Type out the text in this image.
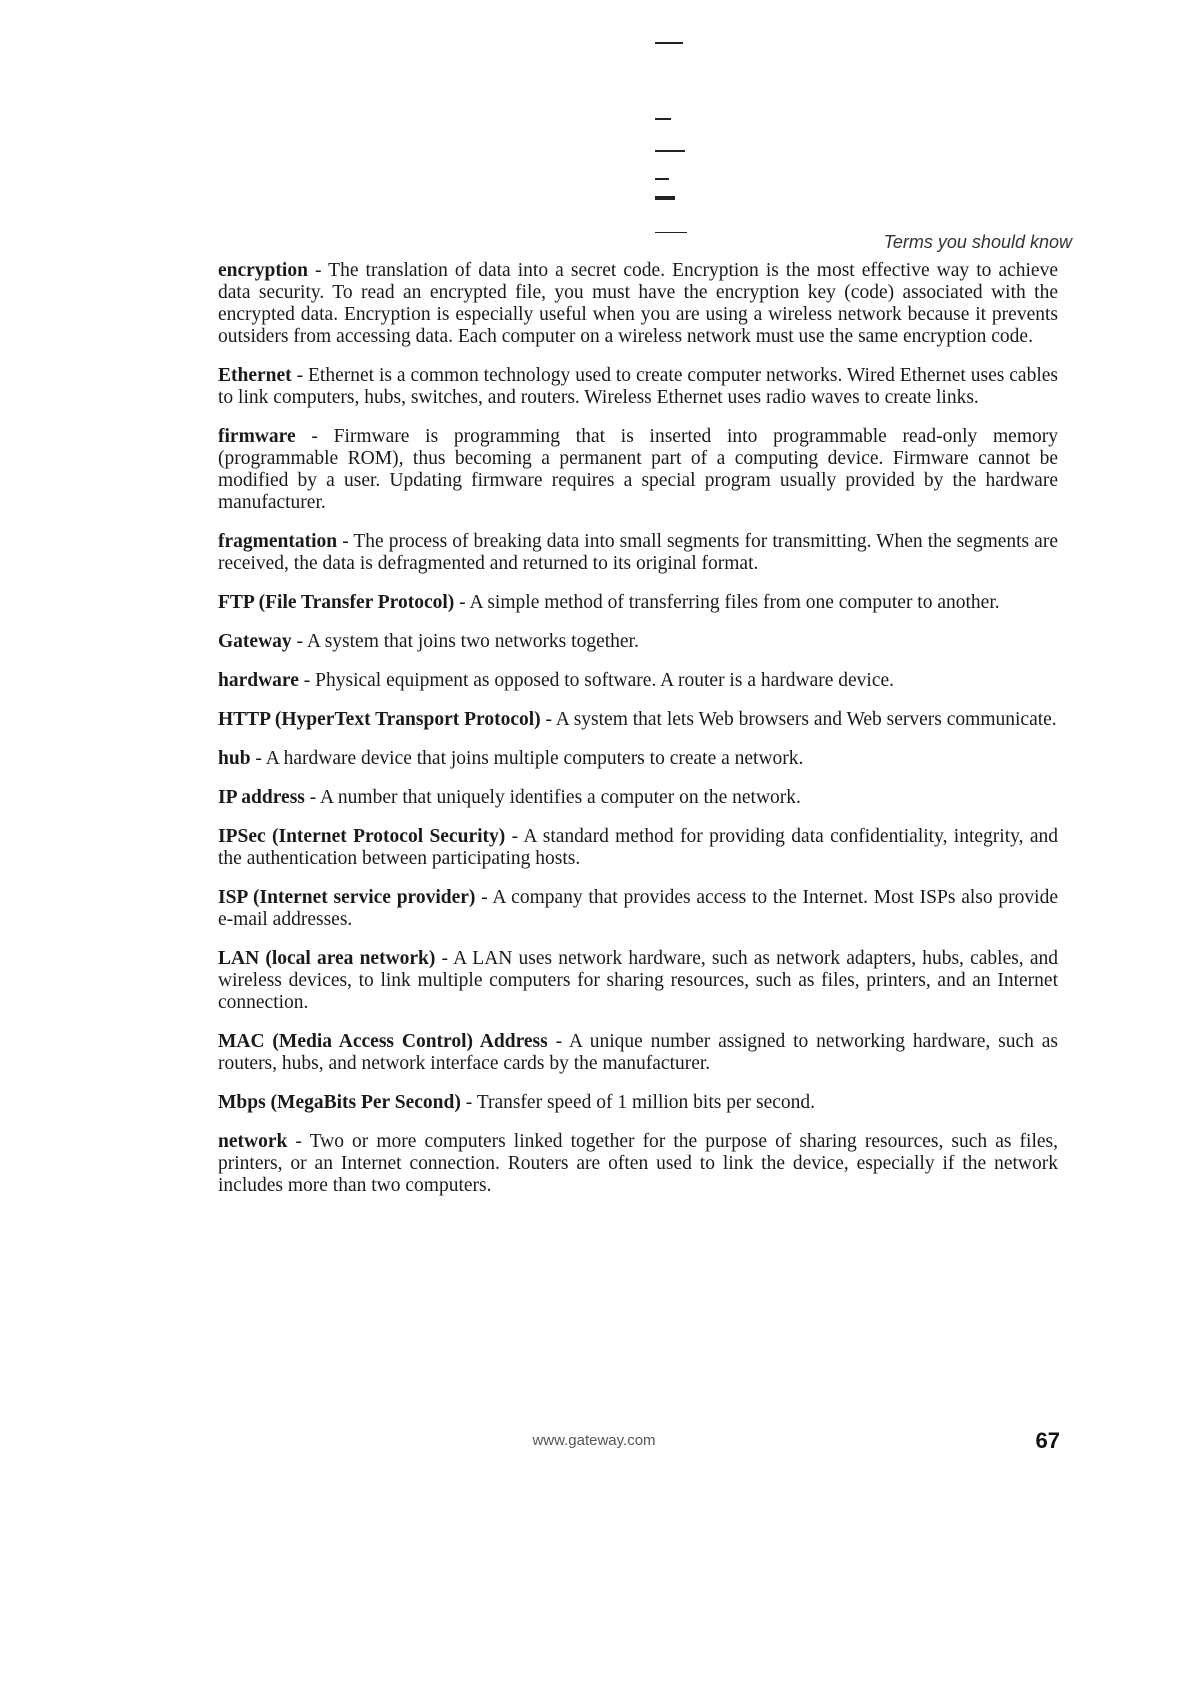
Terms you should know

encryption - The translation of data into a secret code. Encryption is the most effective way to achieve data security. To read an encrypted file, you must have the encryption key (code) associated with the encrypted data. Encryption is especially useful when you are using a wireless network because it prevents outsiders from accessing data. Each computer on a wireless network must use the same encryption code.

Ethernet - Ethernet is a common technology used to create computer networks. Wired Ethernet uses cables to link computers, hubs, switches, and routers. Wireless Ethernet uses radio waves to create links.

firmware - Firmware is programming that is inserted into programmable read-only memory (programmable ROM), thus becoming a permanent part of a computing device. Firmware cannot be modified by a user. Updating firmware requires a special program usually provided by the hardware manufacturer.

fragmentation - The process of breaking data into small segments for transmitting. When the segments are received, the data is defragmented and returned to its original format.

FTP (File Transfer Protocol) - A simple method of transferring files from one computer to another.

Gateway - A system that joins two networks together.

hardware - Physical equipment as opposed to software. A router is a hardware device.

HTTP (HyperText Transport Protocol) - A system that lets Web browsers and Web servers communicate.

hub - A hardware device that joins multiple computers to create a network.

IP address - A number that uniquely identifies a computer on the network.

IPSec (Internet Protocol Security) - A standard method for providing data confidentiality, integrity, and the authentication between participating hosts.

ISP (Internet service provider) - A company that provides access to the Internet. Most ISPs also provide e-mail addresses.

LAN (local area network) - A LAN uses network hardware, such as network adapters, hubs, cables, and wireless devices, to link multiple computers for sharing resources, such as files, printers, and an Internet connection.

MAC (Media Access Control) Address - A unique number assigned to networking hardware, such as routers, hubs, and network interface cards by the manufacturer.

Mbps (MegaBits Per Second) - Transfer speed of 1 million bits per second.

network - Two or more computers linked together for the purpose of sharing resources, such as files, printers, or an Internet connection. Routers are often used to link the device, especially if the network includes more than two computers.

www.gateway.com	67
